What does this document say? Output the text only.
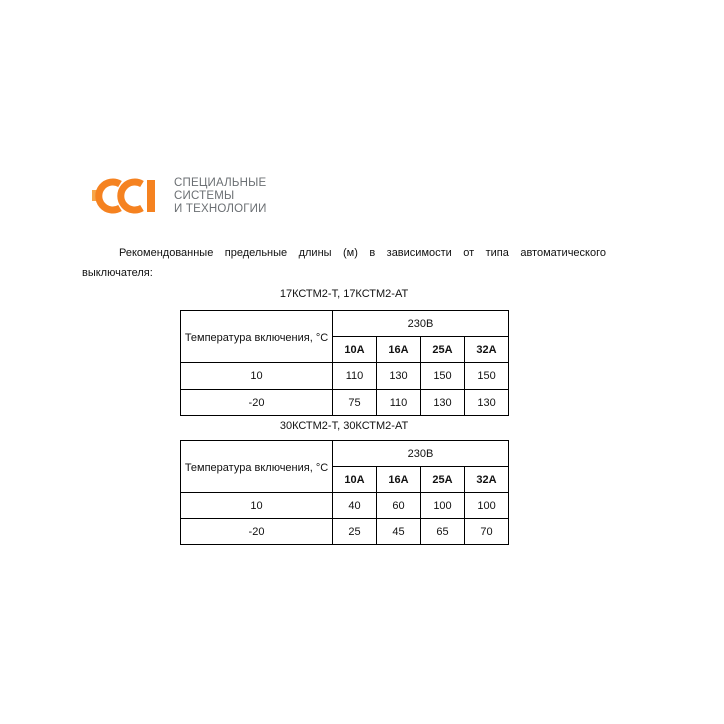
СПЕЦИАЛЬНЫЕ
СИСТЕМЫ
И ТЕХНОЛОГИИ
Рекомендованные предельные длины (м) в зависимости от типа автоматического
выключателя:
17КСТМ2-Т, 17КСТМ2-АТ
Температура включения, °С	230В			
	10A	16A	25A	32A
10	110	130	150	150
-20	75	110	130	130
30КСТМ2-Т, 30КСТМ2-АТ
Температура включения, °С	230В			
	10A	16A	25A	32A
10	40	60	100	100
-20	25	45	65	70
